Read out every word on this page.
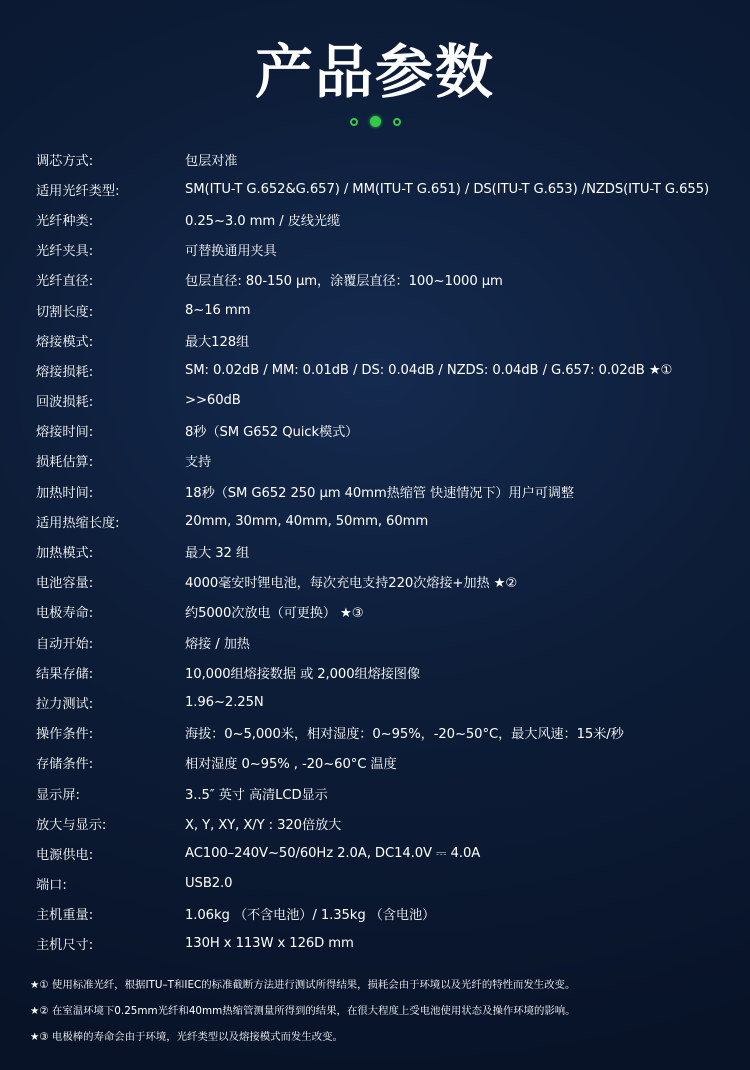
产品参数
调芯方式:	包层对准
适用光纤类型:	SM(ITU-T G.652&G.657) / MM(ITU-T G.651) / DS(ITU-T G.653) /NZDS(ITU-T G.655)
光纤种类:	0.25~3.0 mm / 皮线光缆
光纤夹具:	可替换通用夹具
光纤直径:	包层直径: 80-150 μm，涂覆层直径：100~1000 μm
切割长度:	8~16 mm
熔接模式:	最大128组
熔接损耗:	SM: 0.02dB / MM: 0.01dB / DS: 0.04dB / NZDS: 0.04dB / G.657: 0.02dB ★①
回波损耗:	>>60dB
熔接时间:	8秒（SM G652 Quick模式）
损耗估算:	支持
加热时间:	18秒（SM G652 250 μm 40mm热缩管 快速情况下）用户可调整
适用热缩长度:	20mm, 30mm, 40mm, 50mm, 60mm
加热模式:	最大 32 组
电池容量:	4000毫安时锂电池，每次充电支持220次熔接+加热 ★②
电极寿命:	约5000次放电（可更换） ★③
自动开始:	熔接 / 加热
结果存储:	10,000组熔接数据 或 2,000组熔接图像
拉力测试:	1.96~2.25N
操作条件:	海拔：0~5,000米，相对湿度：0~95%，-20~50°C，最大风速：15米/秒
存储条件:	相对湿度 0~95% , -20~60°C 温度
显示屏:	3..5″ 英寸 高清LCD显示
放大与显示:	X, Y, XY, X/Y : 320倍放大
电源供电:	AC100–240V~50/60Hz 2.0A, DC14.0V ⎓ 4.0A
端口:	USB2.0
主机重量:	1.06kg （不含电池）/ 1.35kg （含电池）
主机尺寸:	130H x 113W x 126D mm
★① 使用标准光纤，根据ITU–T和IEC的标准截断方法进行测试所得结果，损耗会由于环境以及光纤的特性而发生改变。
★② 在室温环境下0.25mm光纤和40mm热缩管测量所得到的结果，在很大程度上受电池使用状态及操作环境的影响。
★③ 电极棒的寿命会由于环境，光纤类型以及熔接模式而发生改变。
